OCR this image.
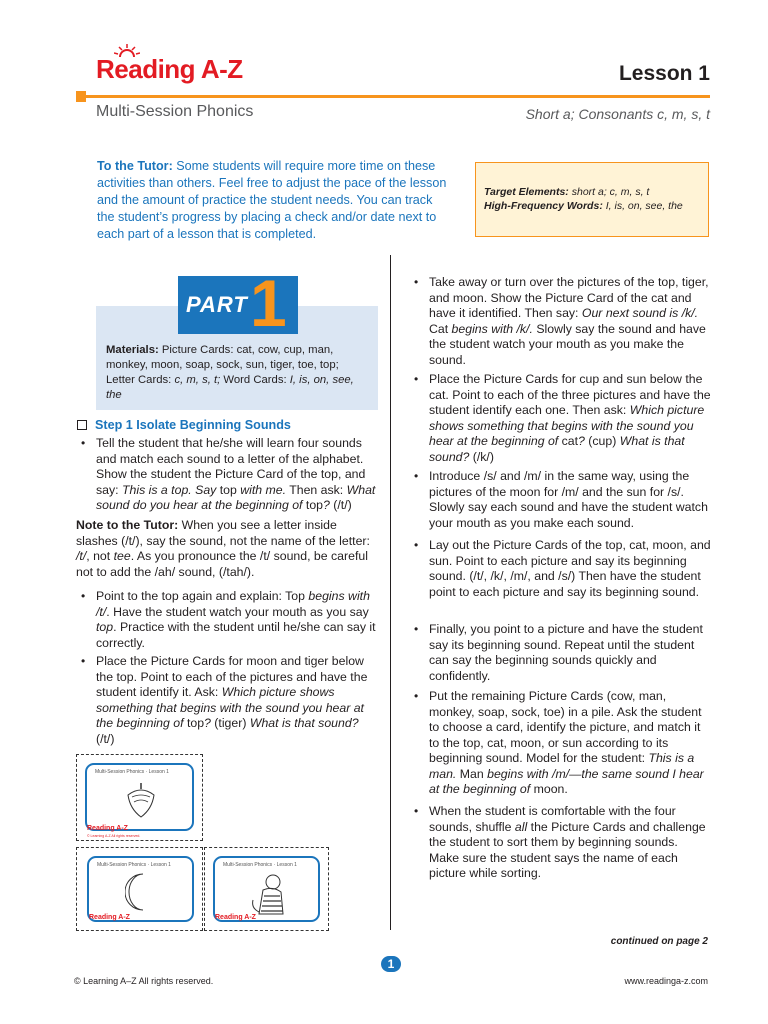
Reading A-Z	Lesson 1
Multi-Session Phonics	Short a; Consonants c, m, s, t
To the Tutor: Some students will require more time on these activities than others. Feel free to adjust the pace of the lesson and the amount of practice the student needs. You can track the student’s progress by placing a check and/or date next to each part of a lesson that is completed.
Target Elements: short a; c, m, s, t
High-Frequency Words: I, is, on, see, the
Materials: Picture Cards: cat, cow, cup, man, monkey, moon, soap, sock, sun, tiger, toe, top; Letter Cards: c, m, s, t; Word Cards: I, is, on, see, the
PART 1
Step 1 Isolate Beginning Sounds
• Tell the student that he/she will learn four sounds and match each sound to a letter of the alphabet. Show the student the Picture Card of the top, and say: This is a top. Say top with me. Then ask: What sound do you hear at the beginning of top? (/t/)
Note to the Tutor: When you see a letter inside slashes (/t/), say the sound, not the name of the letter: /t/, not tee. As you pronounce the /t/ sound, be careful not to add the /ah/ sound, (/tah/).
• Point to the top again and explain: Top begins with /t/. Have the student watch your mouth as you say top. Practice with the student until he/she can say it correctly.
• Place the Picture Cards for moon and tiger below the top. Point to each of the pictures and have the student identify it. Ask: Which picture shows something that begins with the sound you hear at the beginning of top? (tiger) What is that sound? (/t/)
Multi-Session Phonics · Lesson 1
Reading A-Z
© Learning A-Z All rights reserved.
Multi-Session Phonics · Lesson 1
Reading A-Z
Multi-Session Phonics · Lesson 1
Reading A-Z
• Take away or turn over the pictures of the top, tiger, and moon. Show the Picture Card of the cat and have it identified. Then say: Our next sound is /k/. Cat begins with /k/. Slowly say the sound and have the student watch your mouth as you make the sound.
• Place the Picture Cards for cup and sun below the cat. Point to each of the three pictures and have the student identify each one. Then ask: Which picture shows something that begins with the sound you hear at the beginning of cat? (cup) What is that sound? (/k/)
• Introduce /s/ and /m/ in the same way, using the pictures of the moon for /m/ and the sun for /s/. Slowly say each sound and have the student watch your mouth as you make each sound.
• Lay out the Picture Cards of the top, cat, moon, and sun. Point to each picture and say its beginning sound. (/t/, /k/, /m/, and /s/) Then have the student point to each picture and say its beginning sound.
• Finally, you point to a picture and have the student say its beginning sound. Repeat until the student can say the beginning sounds quickly and confidently.
• Put the remaining Picture Cards (cow, man, monkey, soap, sock, toe) in a pile. Ask the student to choose a card, identify the picture, and match it to the top, cat, moon, or sun according to its beginning sound. Model for the student: This is a man. Man begins with /m/—the same sound I hear at the beginning of moon.
• When the student is comfortable with the four sounds, shuffle all the Picture Cards and challenge the student to sort them by beginning sounds. Make sure the student says the name of each picture while sorting.
continued on page 2
1
© Learning A–Z All rights reserved.	www.readinga-z.com
